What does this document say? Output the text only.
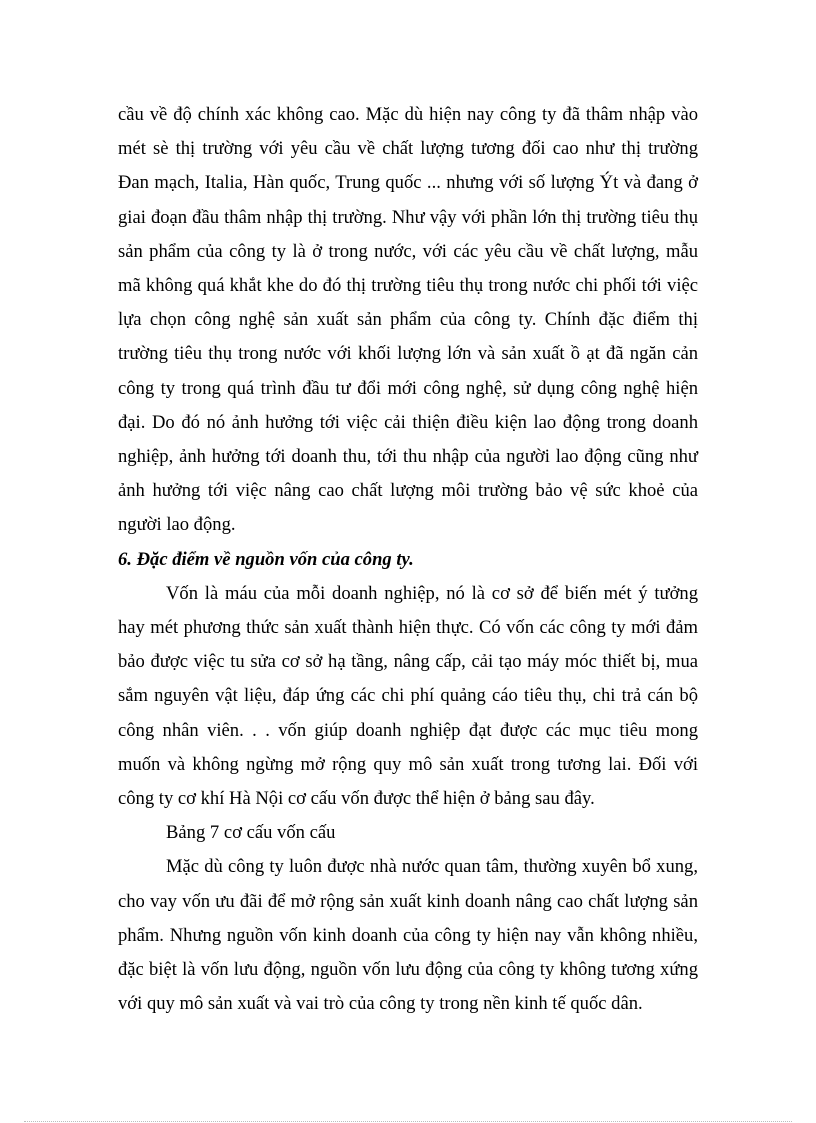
cầu về độ chính xác không cao. Mặc dù hiện nay công ty đã thâm nhập vào
mét sè thị trường với yêu cầu về chất lượng tương đối cao như thị trường
Đan mạch, Italia, Hàn quốc, Trung quốc ... nhưng với số lượng Ýt và đang ở
giai đoạn đầu thâm nhập thị trường. Như vậy với phần lớn thị trường tiêu thụ
sản phẩm của công ty là ở trong nước, với các yêu cầu về chất lượng, mẫu
mã không quá khắt khe do đó thị trường tiêu thụ trong nước chi phối tới việc
lựa chọn công nghệ sản xuất sản phẩm của công ty. Chính đặc điểm thị
trường tiêu thụ trong nước với khối lượng lớn và sản xuất ồ ạt đã ngăn cản
công ty trong quá trình đầu tư đổi mới công nghệ, sử dụng công nghệ hiện
đại. Do đó nó ảnh hưởng tới việc cải thiện điều kiện lao động trong doanh
nghiệp, ảnh hưởng tới doanh thu, tới thu nhập của người lao động cũng như
ảnh hưởng tới việc nâng cao chất lượng môi trường bảo vệ sức khoẻ của
người lao động.
6. Đặc điểm về nguồn vốn của công ty.
Vốn là máu của mỗi doanh nghiệp, nó là cơ sở để biến mét ý tưởng
hay mét phương thức sản xuất thành hiện thực. Có vốn các công ty mới đảm
bảo được việc tu sửa cơ sở hạ tầng, nâng cấp, cải tạo máy móc thiết bị, mua
sắm nguyên vật liệu, đáp ứng các chi phí quảng cáo tiêu thụ, chi trả cán bộ
công nhân viên. . . vốn giúp doanh nghiệp đạt được các mục tiêu mong
muốn và không ngừng mở rộng quy mô sản xuất trong tương lai. Đối với
công ty cơ khí Hà Nội cơ cấu vốn được thể hiện ở bảng sau đây.
Bảng 7 cơ cấu vốn cấu
Mặc dù công ty luôn được nhà nước quan tâm, thường xuyên bổ xung,
cho vay vốn ưu đãi để mở rộng sản xuất kinh doanh nâng cao chất lượng sản
phẩm. Nhưng nguồn vốn kinh doanh của công ty hiện nay vẫn không nhiều,
đặc biệt là vốn lưu động, nguồn vốn lưu động của công ty không tương xứng
với quy mô sản xuất và vai trò của công ty trong nền kinh tế quốc dân.
